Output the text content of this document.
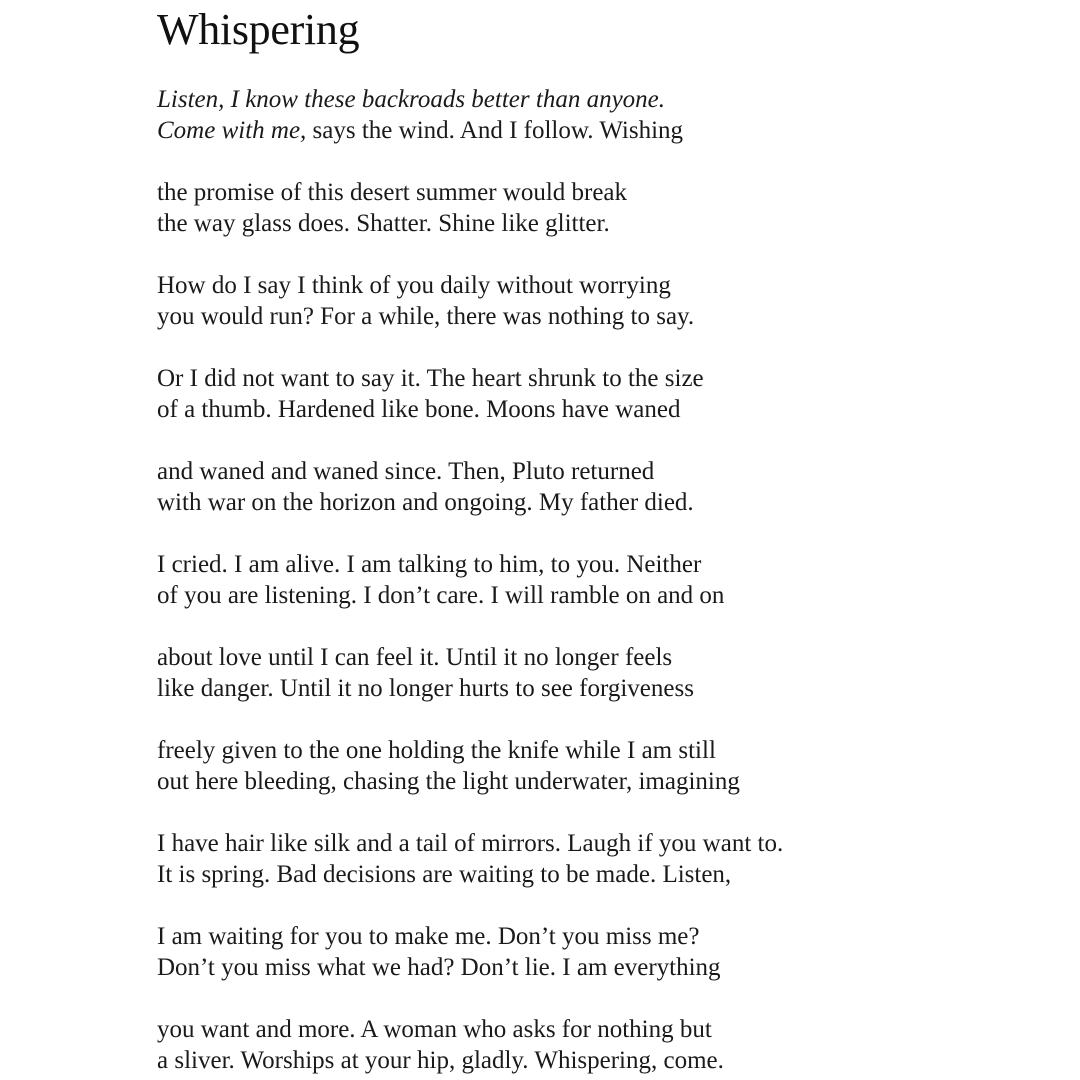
Whispering
Listen, I know these backroads better than anyone.
Come with me, says the wind. And I follow. Wishing
the promise of this desert summer would break
the way glass does. Shatter. Shine like glitter.
How do I say I think of you daily without worrying
you would run? For a while, there was nothing to say.
Or I did not want to say it. The heart shrunk to the size
of a thumb. Hardened like bone. Moons have waned
and waned and waned since. Then, Pluto returned
with war on the horizon and ongoing. My father died.
I cried. I am alive. I am talking to him, to you. Neither
of you are listening. I don’t care. I will ramble on and on
about love until I can feel it. Until it no longer feels
like danger. Until it no longer hurts to see forgiveness
freely given to the one holding the knife while I am still
out here bleeding, chasing the light underwater, imagining
I have hair like silk and a tail of mirrors. Laugh if you want to.
It is spring. Bad decisions are waiting to be made. Listen,
I am waiting for you to make me. Don’t you miss me?
Don’t you miss what we had? Don’t lie. I am everything
you want and more. A woman who asks for nothing but
a sliver. Worships at your hip, gladly. Whispering, come.
